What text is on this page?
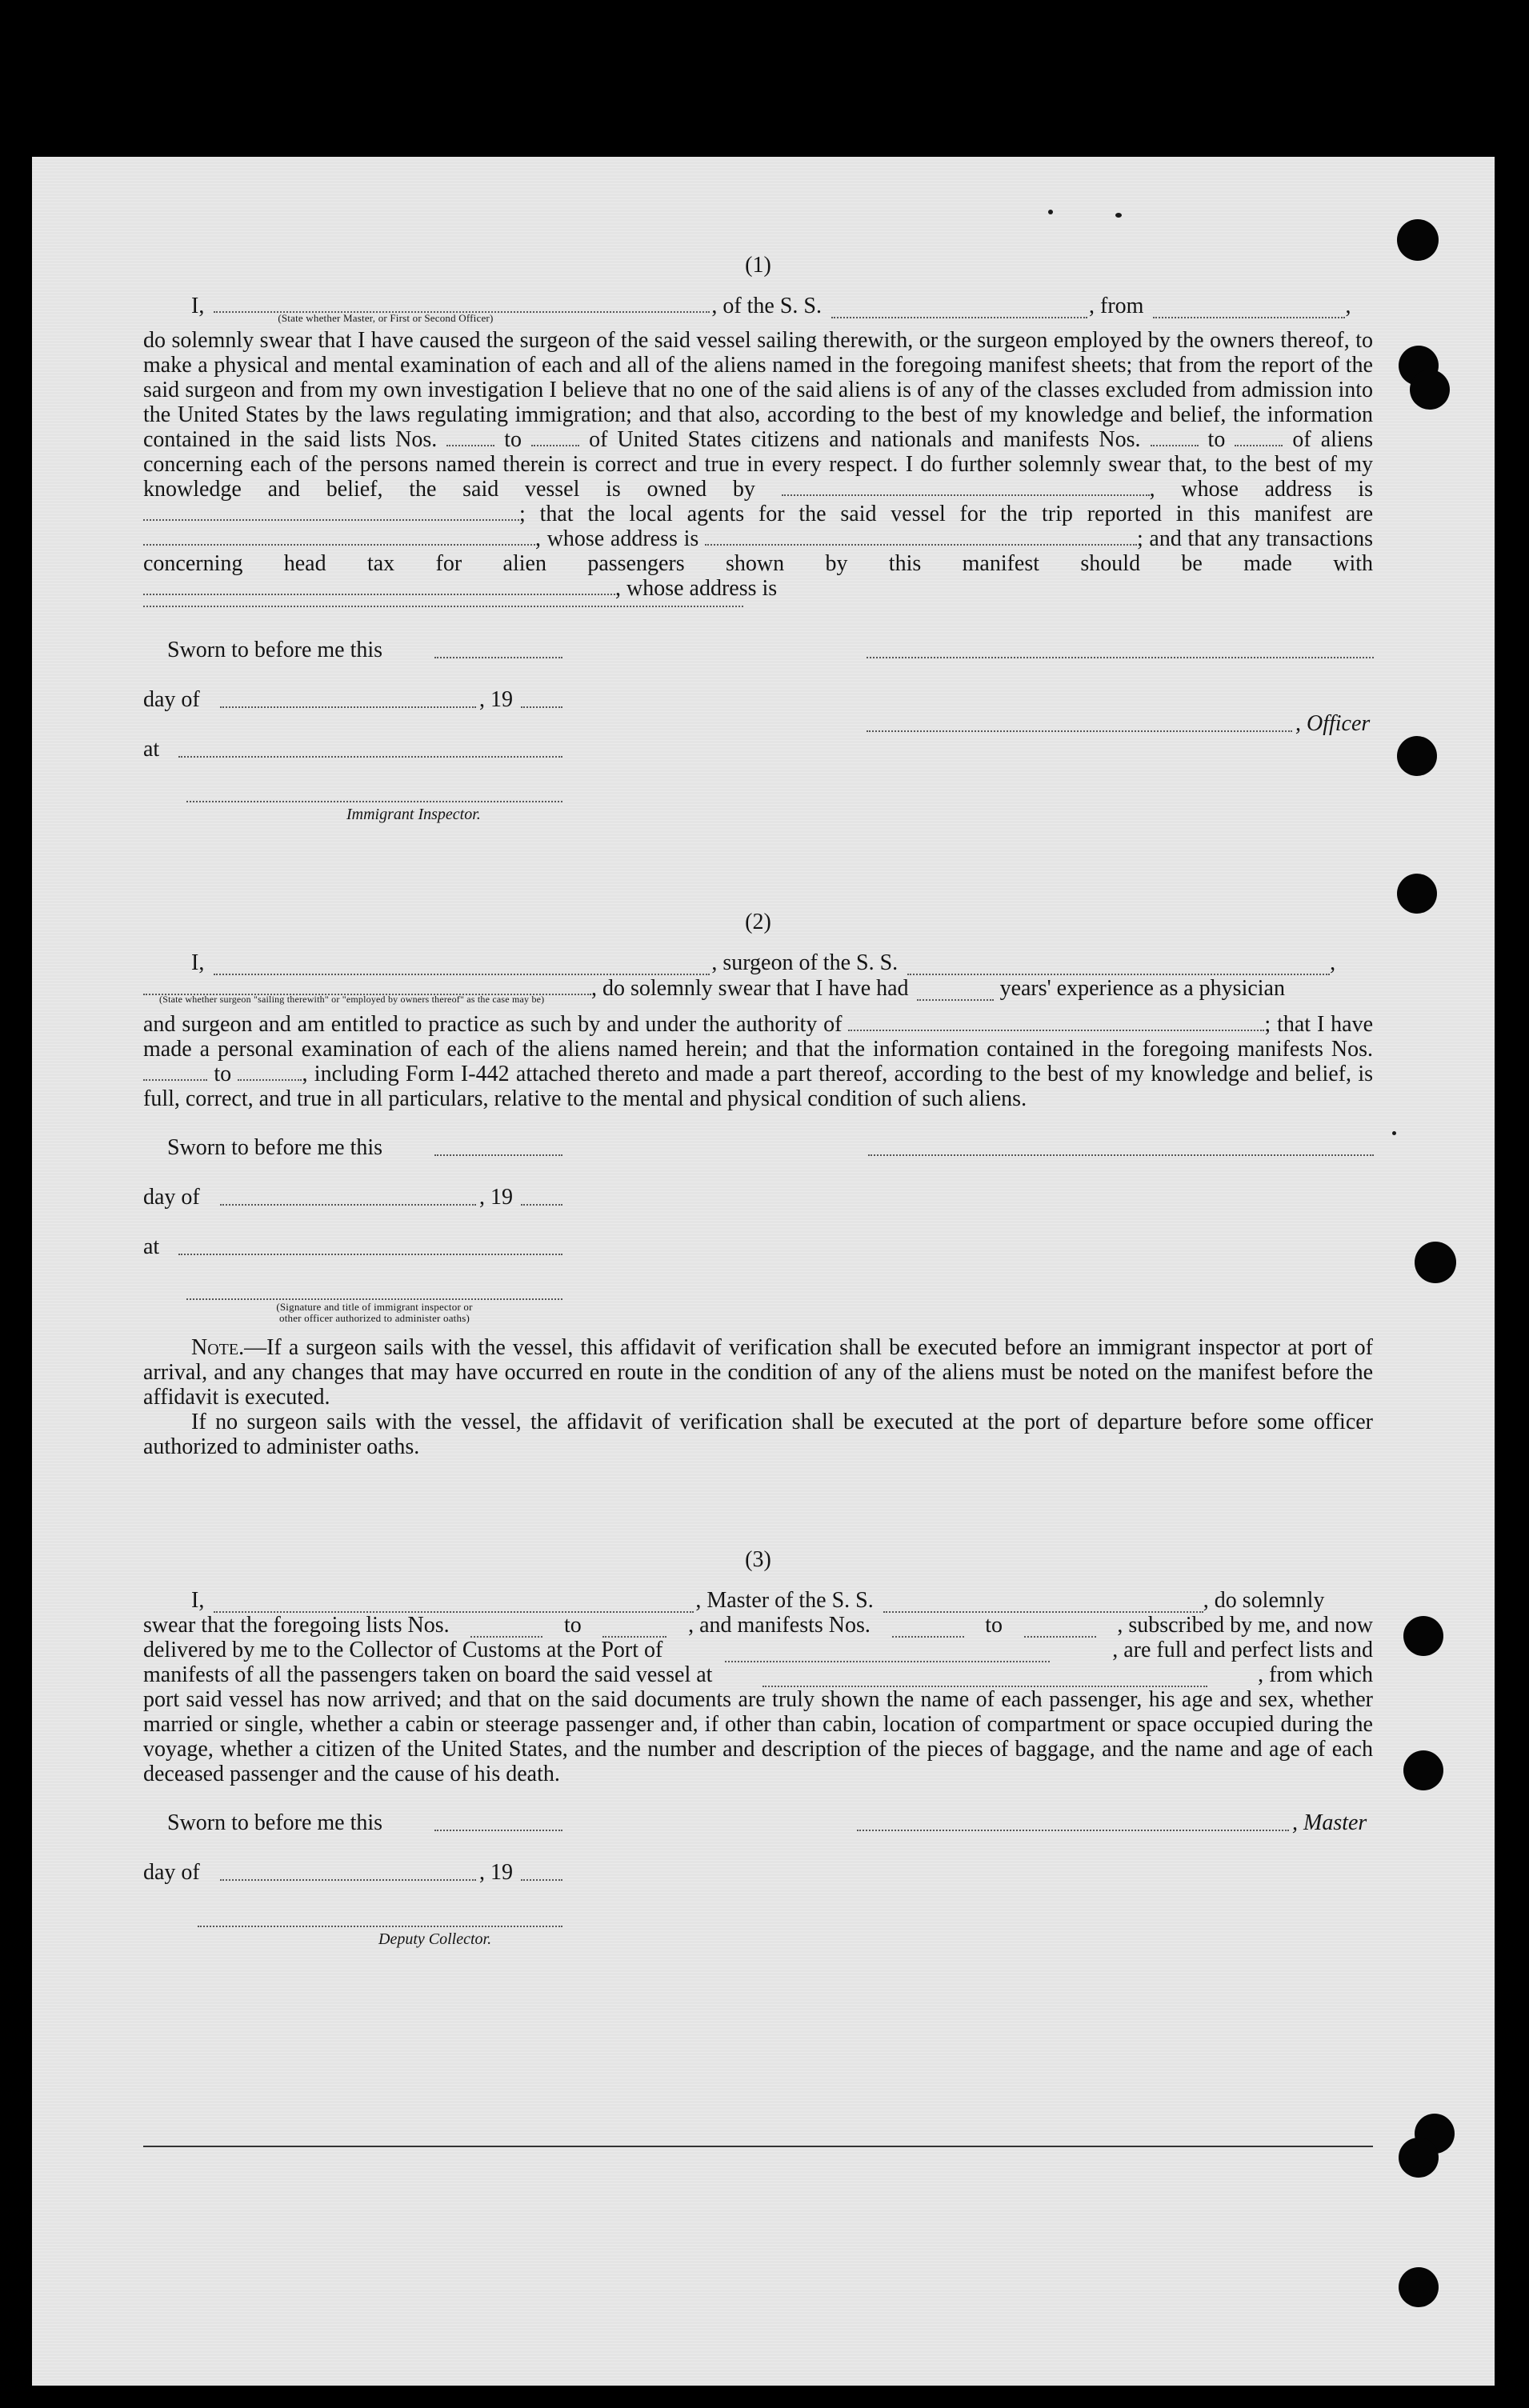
(1)
I,	(State whether Master, or First or Second Officer)	, of the S. S.	, from	,

do solemnly swear that I have caused the surgeon of the said vessel sailing therewith, or the surgeon employed by the owners thereof, to make a physical and mental examination of each and all of the aliens named in the foregoing manifest sheets; that from the report of the said surgeon and from my own investigation I believe that no one of the said aliens is of any of the classes excluded from admission into the United States by the laws regulating immigration; and that also, according to the best of my knowledge and belief, the information contained in the said lists Nos.	to	of United States citizens and nationals and manifests Nos.	to	of aliens concerning each of the persons named therein is correct and true in every respect. I do further solemnly swear that, to the best of my knowledge and belief, the said vessel is owned by	, whose address is ; that the local agents for the said vessel for the trip reported in this manifest are , whose address is	; and that any transactions concerning head tax for alien passengers shown by this manifest should be made with , whose address is

Sworn to before me this
day of	, 19
, Officer
at
Immigrant Inspector.
(2)
I,	, surgeon of the S. S.	,
(State whether surgeon "sailing therewith" or "employed by owners thereof" as the case may be) , do solemnly swear that I have had	years' experience as a physician

and surgeon and am entitled to practice as such by and under the authority of	; that I have made a personal examination of each of the aliens named herein; and that the information contained in the foregoing manifests Nos.  to	, including Form I-442 attached thereto and made a part thereof, according to the best of my knowledge and belief, is full, correct, and true in all particulars, relative to the mental and physical condition of such aliens.

Sworn to before me this
day of	, 19
at
(Signature and title of immigrant inspector or
other officer authorized to administer oaths)

Note.—If a surgeon sails with the vessel, this affidavit of verification shall be executed before an immigrant inspector at port of arrival, and any changes that may have occurred en route in the condition of any of the aliens must be noted on the manifest before the affidavit is executed.

If no surgeon sails with the vessel, the affidavit of verification shall be executed at the port of departure before some officer authorized to administer oaths.

(3)
I,	, Master of the S. S.	, do solemnly
swear that the foregoing lists Nos.	to	, and manifests Nos.	to	, subscribed by me, and now
delivered by me to the Collector of Customs at the Port of	, are full and perfect lists and
manifests of all the passengers taken on board the said vessel at	, from which

port said vessel has now arrived; and that on the said documents are truly shown the name of each passenger, his age and sex, whether married or single, whether a cabin or steerage passenger and, if other than cabin, location of compartment or space occupied during the voyage, whether a citizen of the United States, and the number and description of the pieces of baggage, and the name and age of each deceased passenger and the cause of his death.

Sworn to before me this	, Master
day of	, 19
Deputy Collector.
